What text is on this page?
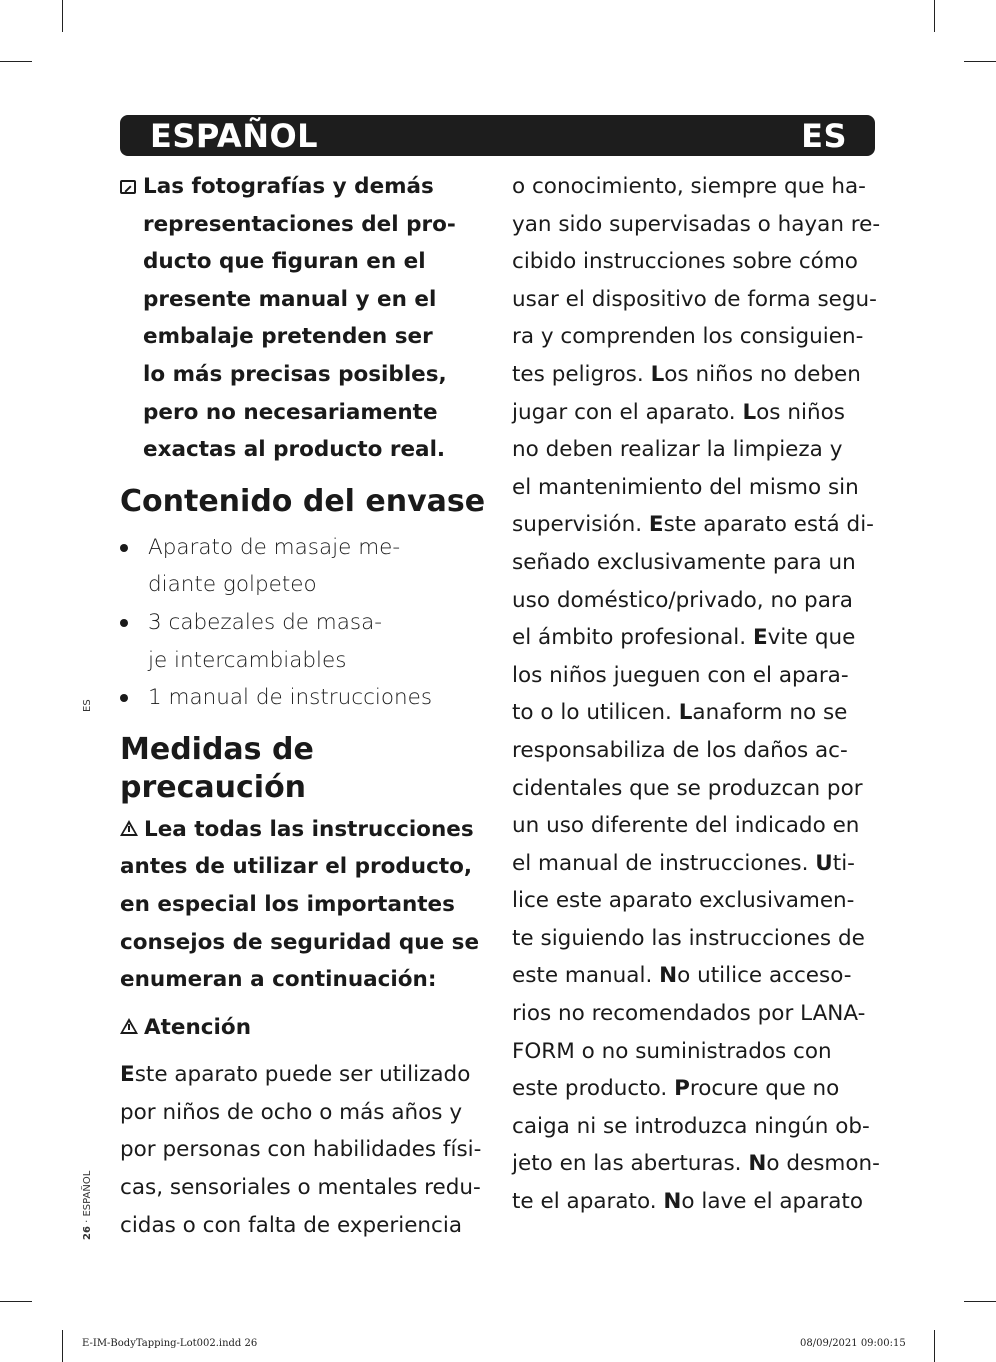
ESPAÑOL	ES
Las fotografías y demás
representaciones del pro-
ducto que figuran en el
presente manual y en el
embalaje pretenden ser
lo más precisas posibles,
pero no necesariamente
exactas al producto real.
Contenido del envase
Aparato de masaje me-
diante golpeteo
3 cabezales de masa-
je intercambiables
1 manual de instrucciones
Medidas de
precaución
Lea todas las instrucciones
antes de utilizar el producto,
en especial los importantes
consejos de seguridad que se
enumeran a continuación:
Atención
Este aparato puede ser utilizado
por niños de ocho o más años y
por personas con habilidades físi-
cas, sensoriales o mentales redu-
cidas o con falta de experiencia
o conocimiento, siempre que ha-
yan sido supervisadas o hayan re-
cibido instrucciones sobre cómo
usar el dispositivo de forma segu-
ra y comprenden los consiguien-
tes peligros. Los niños no deben
jugar con el aparato. Los niños
no deben realizar la limpieza y
el mantenimiento del mismo sin
supervisión. Este aparato está di-
señado exclusivamente para un
uso doméstico/privado, no para
el ámbito profesional. Evite que
los niños jueguen con el apara-
to o lo utilicen. Lanaform no se
responsabiliza de los daños ac-
cidentales que se produzcan por
un uso diferente del indicado en
el manual de instrucciones. Uti-
lice este aparato exclusivamen-
te siguiendo las instrucciones de
este manual. No utilice acceso-
rios no recomendados por LANA-
FORM o no suministrados con
este producto. Procure que no
caiga ni se introduzca ningún ob-
jeto en las aberturas. No desmon-
te el aparato. No lave el aparato
ES
26 · ESPAÑOL
E-IM-BodyTapping-Lot002.indd 26	08/09/2021 09:00:15
